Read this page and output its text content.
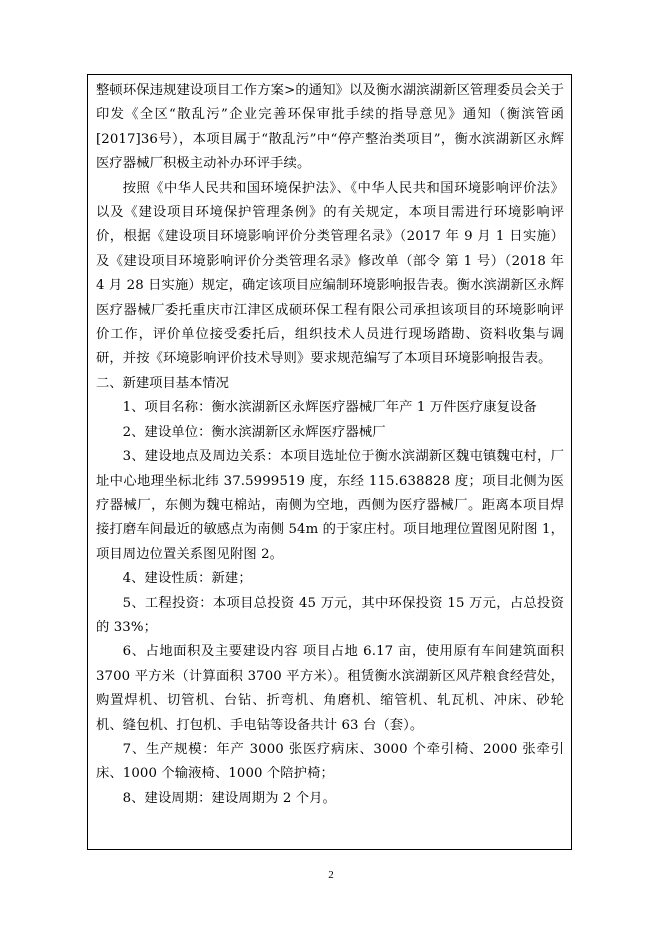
整顿环保违规建设项目工作方案>的通知》以及衡水湖滨湖新区管理委员会关于印发《全区“散乱污”企业完善环保审批手续的指导意见》通知（衡滨管函[2017]36号），本项目属于“散乱污”中“停产整治类项目”，衡水滨湖新区永辉医疗器械厂积极主动补办环评手续。

按照《中华人民共和国环境保护法》、《中华人民共和国环境影响评价法》以及《建设项目环境保护管理条例》的有关规定，本项目需进行环境影响评价，根据《建设项目环境影响评价分类管理名录》（2017 年 9 月 1 日实施）及《建设项目环境影响评价分类管理名录》修改单（部令 第 1 号）（2018 年 4 月 28 日实施）规定，确定该项目应编制环境影响报告表。衡水滨湖新区永辉医疗器械厂委托重庆市江津区成硕环保工程有限公司承担该项目的环境影响评价工作，评价单位接受委托后，组织技术人员进行现场踏勘、资料收集与调研，并按《环境影响评价技术导则》要求规范编写了本项目环境影响报告表。

二、新建项目基本情况

1、项目名称：衡水滨湖新区永辉医疗器械厂年产 1 万件医疗康复设备

2、建设单位：衡水滨湖新区永辉医疗器械厂

3、建设地点及周边关系：本项目选址位于衡水滨湖新区魏屯镇魏屯村，厂址中心地理坐标北纬 37.5999519 度，东经 115.638828 度；项目北侧为医疗器械厂，东侧为魏屯棉站，南侧为空地，西侧为医疗器械厂。距离本项目焊接打磨车间最近的敏感点为南侧 54m 的于家庄村。项目地理位置图见附图 1，项目周边位置关系图见附图 2。

4、建设性质：新建；

5、工程投资：本项目总投资 45 万元，其中环保投资 15 万元，占总投资的 33%；

6、占地面积及主要建设内容 项目占地 6.17 亩，使用原有车间建筑面积 3700 平方米（计算面积 3700 平方米）。租赁衡水滨湖新区风芹粮食经营处，购置焊机、切管机、台钻、折弯机、角磨机、缩管机、轧瓦机、冲床、砂轮机、缝包机、打包机、手电钻等设备共计 63 台（套）。

7、生产规模：年产 3000 张医疗病床、3000 个牵引椅、2000 张牵引床、1000 个输液椅、1000 个陪护椅；

8、建设周期：建设周期为 2 个月。

2
